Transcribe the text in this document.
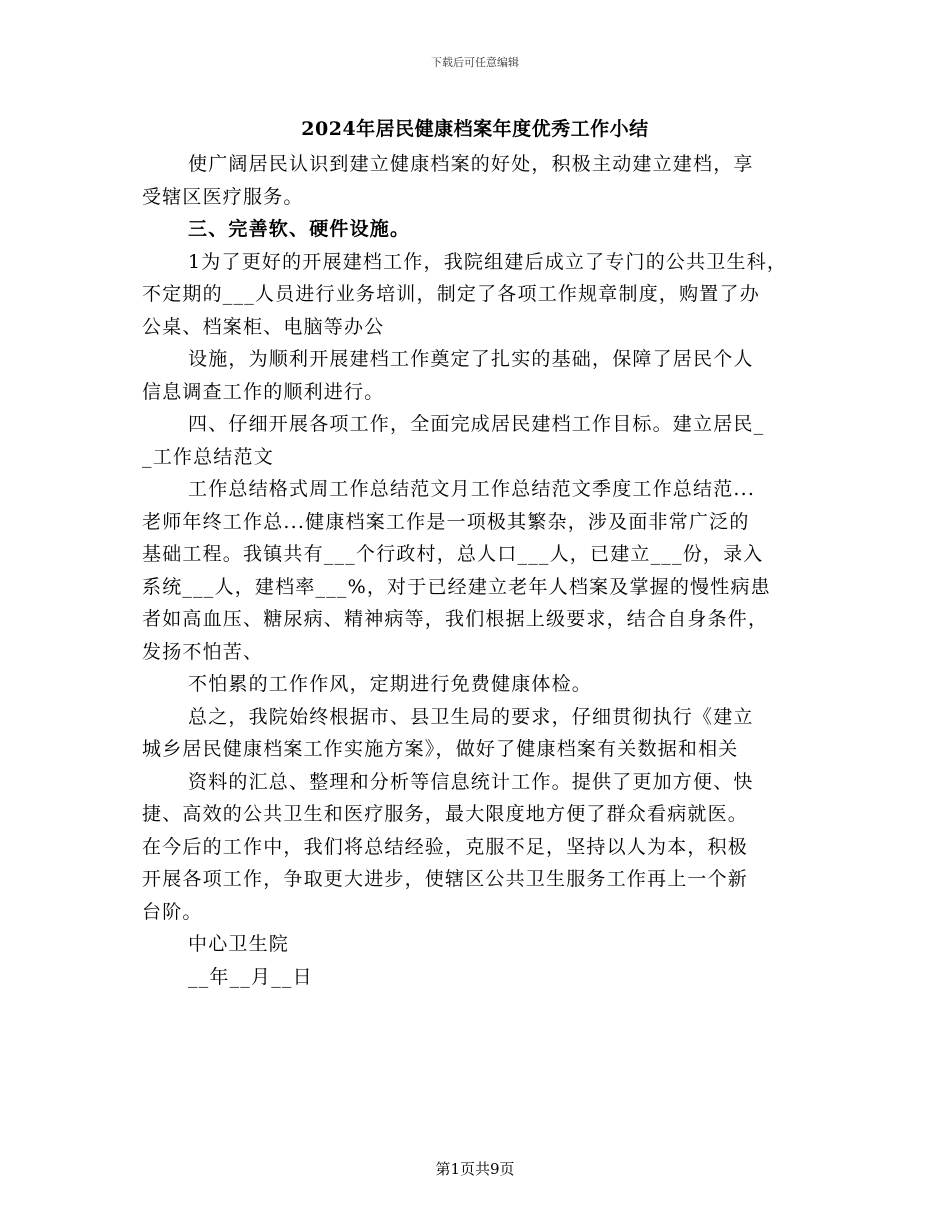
下载后可任意编辑
2024年居民健康档案年度优秀工作小结
使广阔居民认识到建立健康档案的好处，积极主动建立建档，享
受辖区医疗服务。
三、完善软、硬件设施。
1为了更好的开展建档工作，我院组建后成立了专门的公共卫生科，
不定期的___人员进行业务培训，制定了各项工作规章制度，购置了办
公桌、档案柜、电脑等办公
设施，为顺利开展建档工作奠定了扎实的基础，保障了居民个人
信息调查工作的顺利进行。
四、仔细开展各项工作，全面完成居民建档工作目标。建立居民_
_工作总结范文
工作总结格式周工作总结范文月工作总结范文季度工作总结范...
老师年终工作总...健康档案工作是一项极其繁杂，涉及面非常广泛的
基础工程。我镇共有___个行政村，总人口___人，已建立___份，录入
系统___人，建档率___%，对于已经建立老年人档案及掌握的慢性病患
者如高血压、糖尿病、精神病等，我们根据上级要求，结合自身条件，
发扬不怕苦、
不怕累的工作作风，定期进行免费健康体检。
总之，我院始终根据市、县卫生局的要求，仔细贯彻执行《建立
城乡居民健康档案工作实施方案》，做好了健康档案有关数据和相关
资料的汇总、整理和分析等信息统计工作。提供了更加方便、快
捷、高效的公共卫生和医疗服务，最大限度地方便了群众看病就医。
在今后的工作中，我们将总结经验，克服不足，坚持以人为本，积极
开展各项工作，争取更大进步，使辖区公共卫生服务工作再上一个新
台阶。
中心卫生院
__年__月__日
第1页共9页
